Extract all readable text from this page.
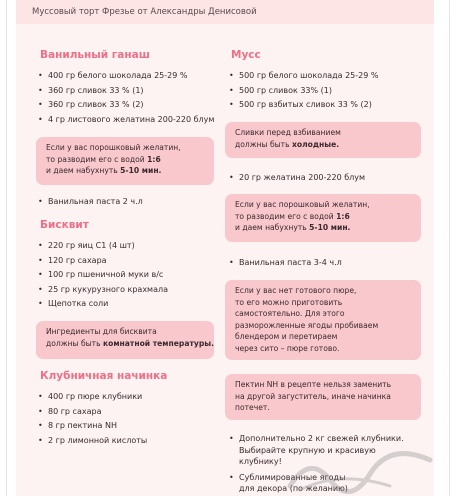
Муссовый торт Фрезье от Александры Денисовой
Ванильный ганаш
• 400 гр белого шоколада 25-29 %
• 360 гр сливок 33 % (1)
• 360 гр сливок 33 % (2)
• 4 гр листового желатина 200-220 блум
Если у вас порошковый желатин,
то разводим его с водой 1:6
и даем набухнуть 5-10 мин.
• Ванильная паста 2 ч.л
Бисквит
• 220 гр яиц С1 (4 шт)
• 120 гр сахара
• 100 гр пшеничной муки в/с
• 25 гр кукурузного крахмала
• Щепотка соли
Ингредиенты для бисквита
должны быть комнатной температуры.
Клубничная начинка
• 400 гр пюре клубники
• 80 гр сахара
• 8 гр пектина NH
• 2 гр лимонной кислоты
Мусс
• 500 гр белого шоколада 25-29 %
• 500 гр сливок 33% (1)
• 500 гр взбитых сливок 33 % (2)
Сливки перед взбиванием
должны быть холодные.
• 20 гр желатина 200-220 блум
Если у вас порошковый желатин,
то разводим его с водой 1:6
и даем набухнуть 5-10 мин.
• Ванильная паста 3-4 ч.л
Если у вас нет готового пюре,
то его можно приготовить
самостоятельно. Для этого
разморожленные ягоды пробиваем
блендером и перетираем
через сито – пюре готово.
Пектин NH в рецепте нельзя заменить
на другой загуститель, иначе начинка
потечет.
• Дополнительно 2 кг свежей клубники.
Выбирайте крупную и красивую
клубнику!
• Сублимированные ягоды
для декора (по желанию)
